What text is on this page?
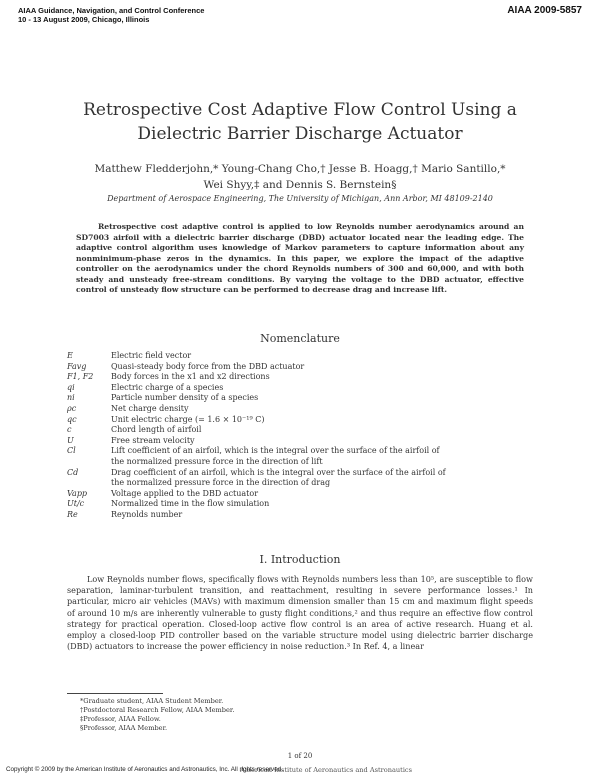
AIAA Guidance, Navigation, and Control Conference
10 - 13 August 2009, Chicago, Illinois
AIAA 2009-5857
Retrospective Cost Adaptive Flow Control Using a
Dielectric Barrier Discharge Actuator
Matthew Fledderjohn,* Young-Chang Cho,† Jesse B. Hoagg,† Mario Santillo,*
Wei Shyy,‡ and Dennis S. Bernstein§
Department of Aerospace Engineering, The University of Michigan, Ann Arbor, MI 48109-2140
Retrospective cost adaptive control is applied to low Reynolds number aerodynamics around an SD7003 airfoil with a dielectric barrier discharge (DBD) actuator located near the leading edge. The adaptive control algorithm uses knowledge of Markov parameters to capture information about any nonminimum-phase zeros in the dynamics. In this paper, we explore the impact of the adaptive controller on the aerodynamics under the chord Reynolds numbers of 300 and 60,000, and with both steady and unsteady free-stream conditions. By varying the voltage to the DBD actuator, effective control of unsteady flow structure can be performed to decrease drag and increase lift.
Nomenclature
E	Electric field vector
Favg	Quasi-steady body force from the DBD actuator
F1, F2	Body forces in the x1 and x2 directions
qi	Electric charge of a species
ni	Particle number density of a species
ρc	Net charge density
qc	Unit electric charge (= 1.6 × 10⁻¹⁹ C)
c	Chord length of airfoil
U	Free stream velocity
Cl	Lift coefficient of an airfoil, which is the integral over the surface of the airfoil of
the normalized pressure force in the direction of lift
Cd	Drag coefficient of an airfoil, which is the integral over the surface of the airfoil of
the normalized pressure force in the direction of drag
Vapp	Voltage applied to the DBD actuator
Ut/c	Normalized time in the flow simulation
Re	Reynolds number
I. Introduction
Low Reynolds number flows, specifically flows with Reynolds numbers less than 10⁵, are susceptible to flow separation, laminar-turbulent transition, and reattachment, resulting in severe performance losses.¹ In particular, micro air vehicles (MAVs) with maximum dimension smaller than 15 cm and maximum flight speeds of around 10 m/s are inherently vulnerable to gusty flight conditions,² and thus require an effective flow control strategy for practical operation. Closed-loop active flow control is an area of active research. Huang et al. employ a closed-loop PID controller based on the variable structure model using dielectric barrier discharge (DBD) actuators to increase the power efficiency in noise reduction.³ In Ref. 4, a linear
*Graduate student, AIAA Student Member.
†Postdoctoral Research Fellow, AIAA Member.
‡Professor, AIAA Fellow.
§Professor, AIAA Member.
1 of 20
American Institute of Aeronautics and Astronautics
Copyright © 2009 by the American Institute of Aeronautics and Astronautics, Inc. All rights reserved.
